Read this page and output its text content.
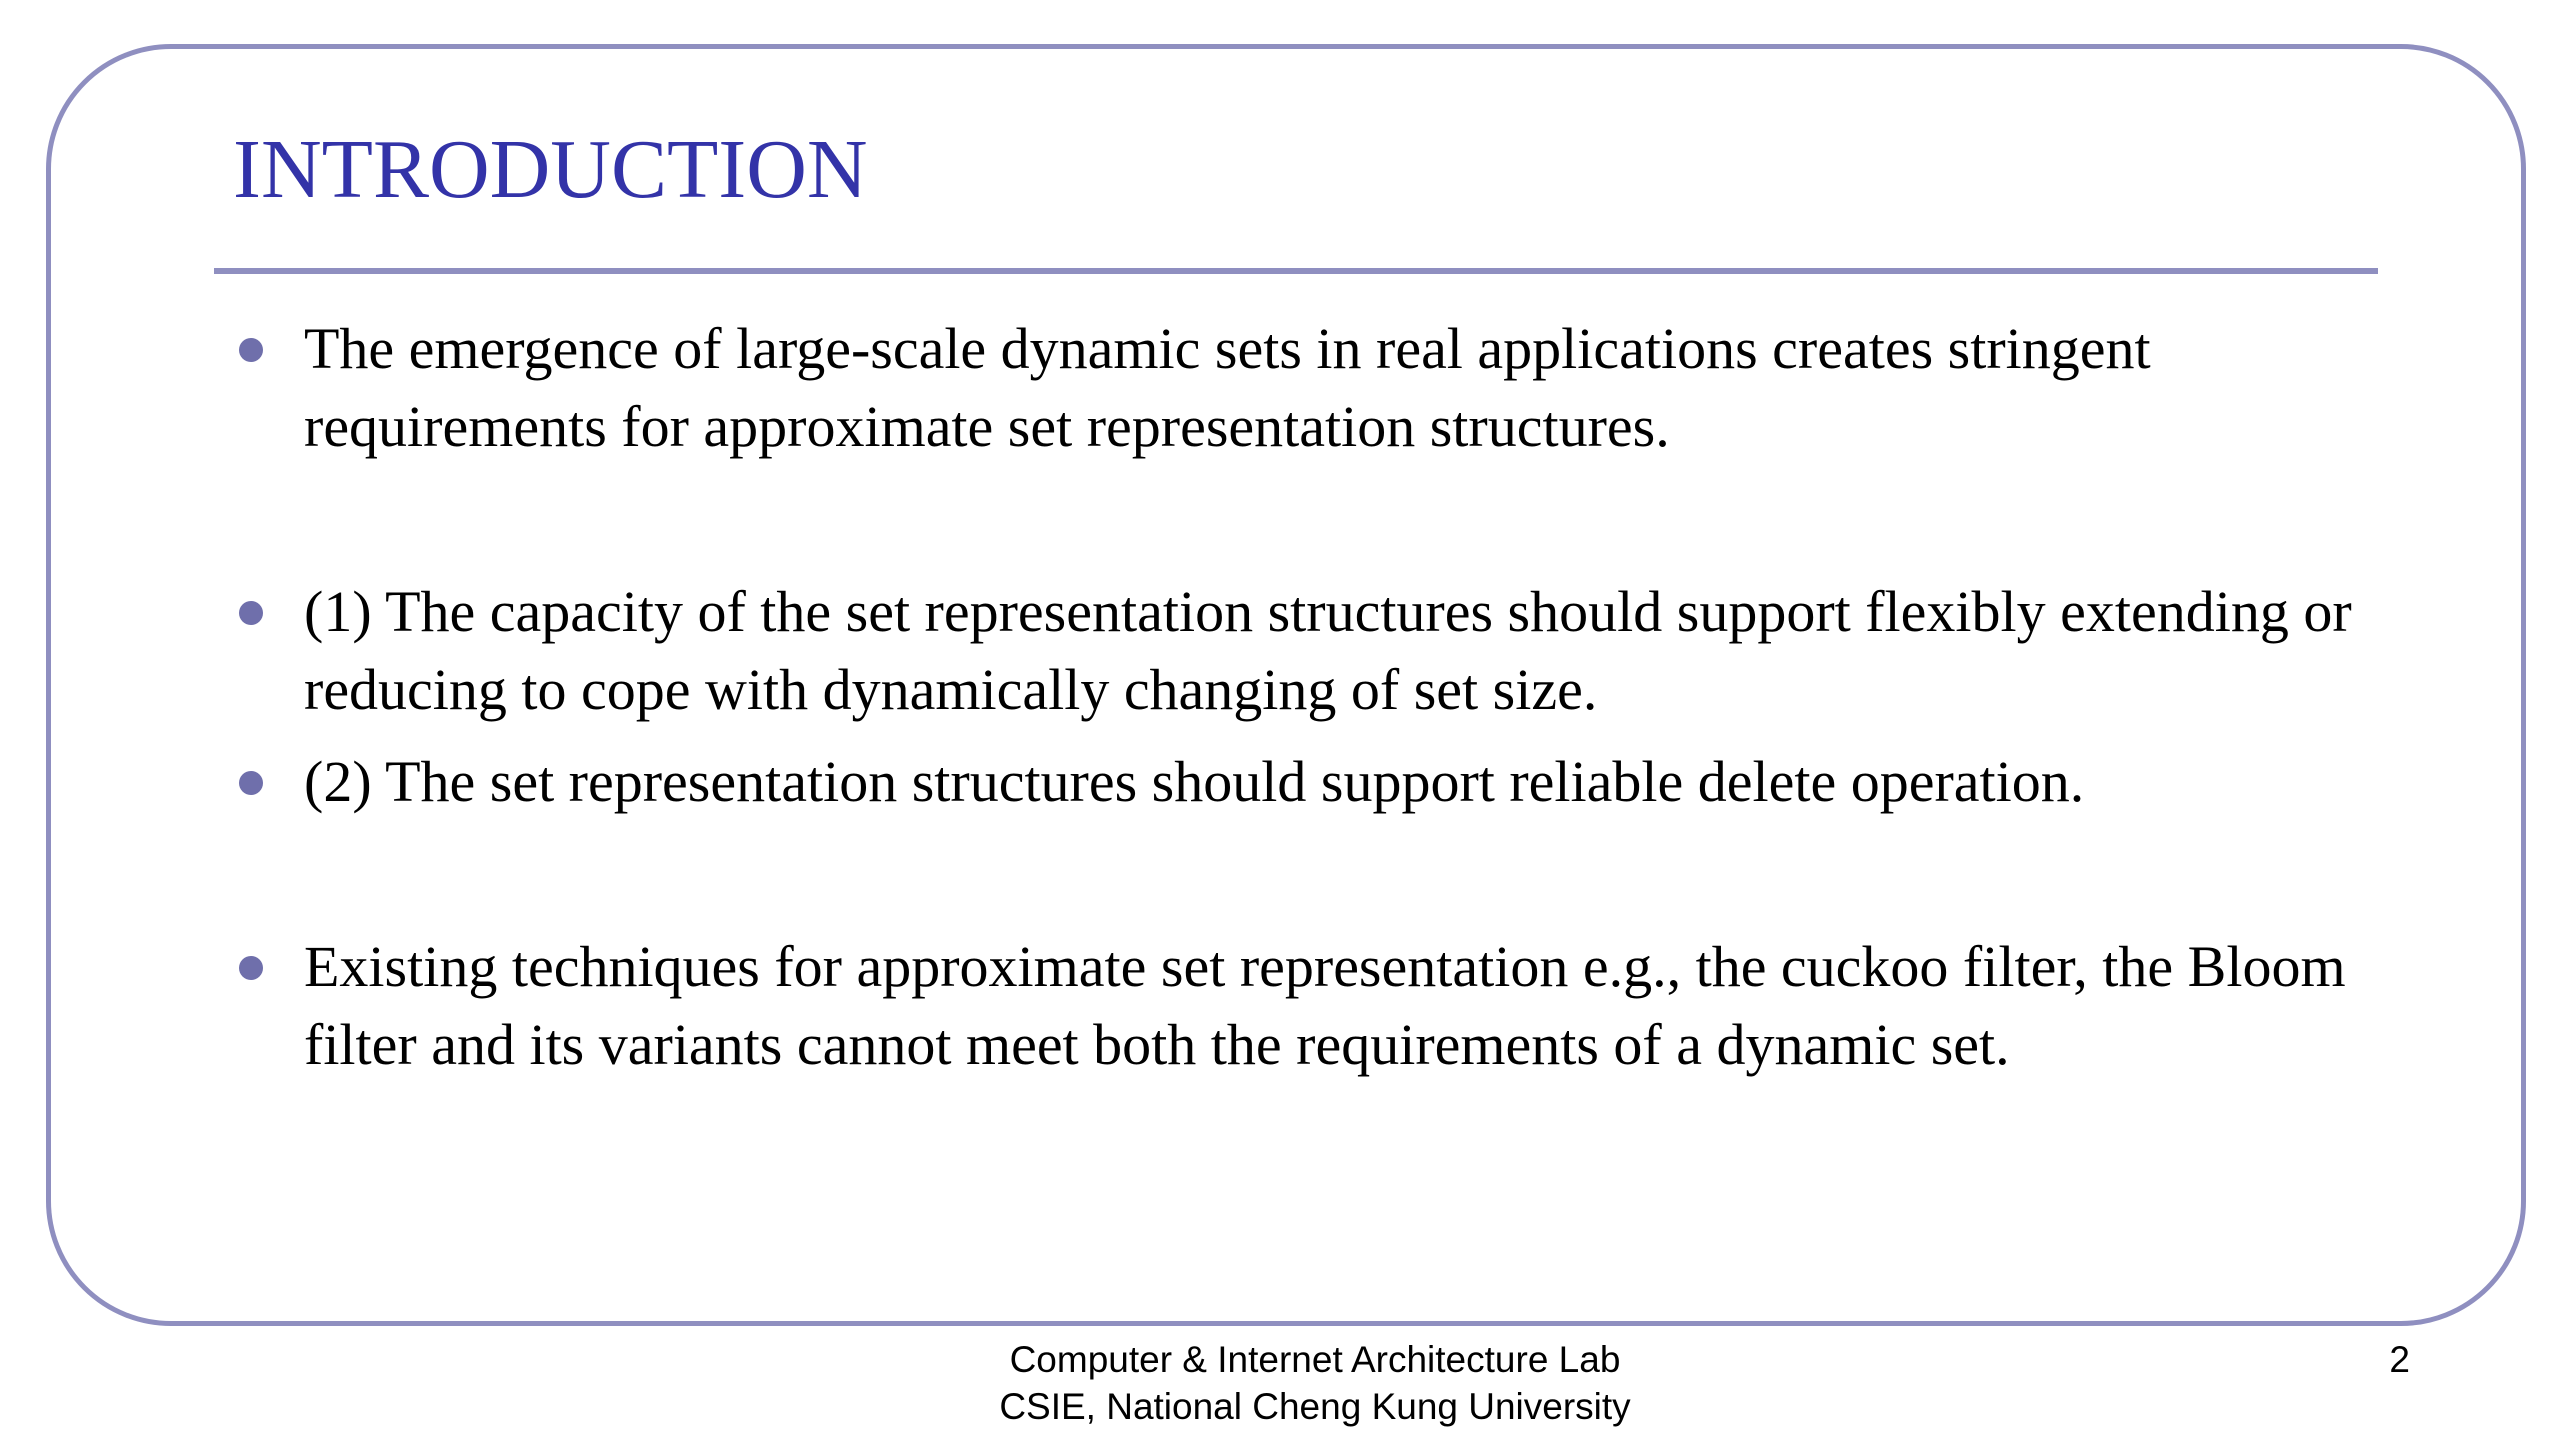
INTRODUCTION
The emergence of large-scale dynamic sets in real applications creates stringent requirements for approximate set representation structures.
(1) The capacity of the set representation structures should support flexibly extending or reducing to cope with dynamically changing of set size.
(2) The set representation structures should support reliable delete operation.
Existing techniques for approximate set representation e.g., the cuckoo filter, the Bloom filter and its variants cannot meet both the requirements of a dynamic set.
Computer & Internet Architecture Lab
CSIE, National Cheng Kung University
2
